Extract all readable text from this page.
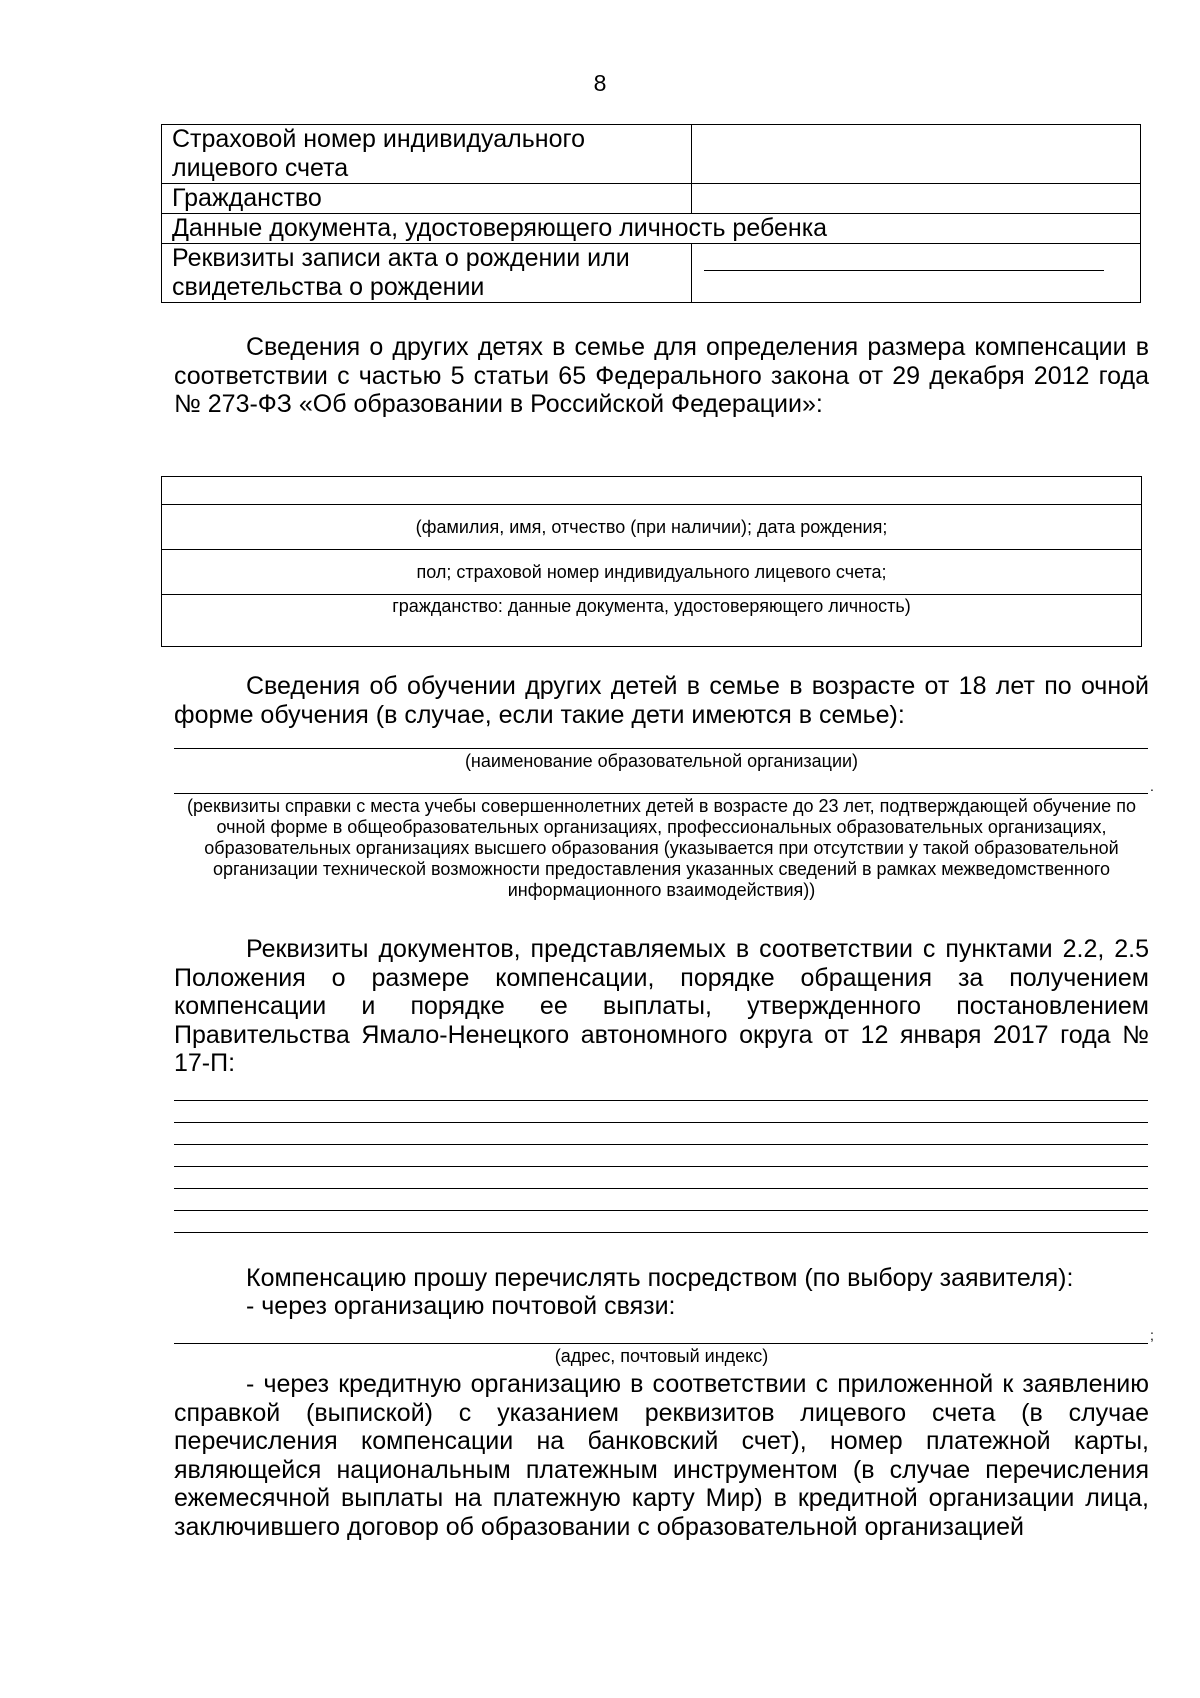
8
Страховой номер индивидуального лицевого счета	
Гражданство	
Данные документа, удостоверяющего личность ребенка	
Реквизиты записи акта о рождении или свидетельства о рождении	
Сведения о других детях в семье для определения размера компенсации в соответствии с частью 5 статьи 65 Федерального закона от 29 декабря 2012 года № 273-ФЗ «Об образовании в Российской Федерации»:

(фамилия, имя, отчество (при наличии); дата рождения;
пол; страховой номер индивидуального лицевого счета;
гражданство: данные документа, удостоверяющего личность)
Сведения об обучении других детей в семье в возрасте от 18 лет по очной форме обучения (в случае, если такие дети имеются в семье):
(наименование образовательной организации)
.
(реквизиты справки с места учебы совершеннолетних детей в возрасте до 23 лет, подтверждающей обучение по очной форме в общеобразовательных организациях, профессиональных образовательных организациях, образовательных организациях высшего образования (указывается при отсутствии у такой образовательной организации технической возможности предоставления указанных сведений в рамках межведомственного информационного взаимодействия))
Реквизиты документов, представляемых в соответствии с пунктами 2.2, 2.5 Положения о размере компенсации, порядке обращения за получением компенсации и порядке ее выплаты, утвержденного постановлением Правительства Ямало-Ненецкого автономного округа от 12 января 2017 года № 17-П:
Компенсацию прошу перечислять посредством (по выбору заявителя):
- через организацию почтовой связи:
;
(адрес, почтовый индекс)
- через кредитную организацию в соответствии с приложенной к заявлению справкой (выпиской) с указанием реквизитов лицевого счета (в случае перечисления компенсации на банковский счет), номер платежной карты, являющейся национальным платежным инструментом (в случае перечисления ежемесячной выплаты на платежную карту Мир) в кредитной организации лица, заключившего договор об образовании с образовательной организацией
